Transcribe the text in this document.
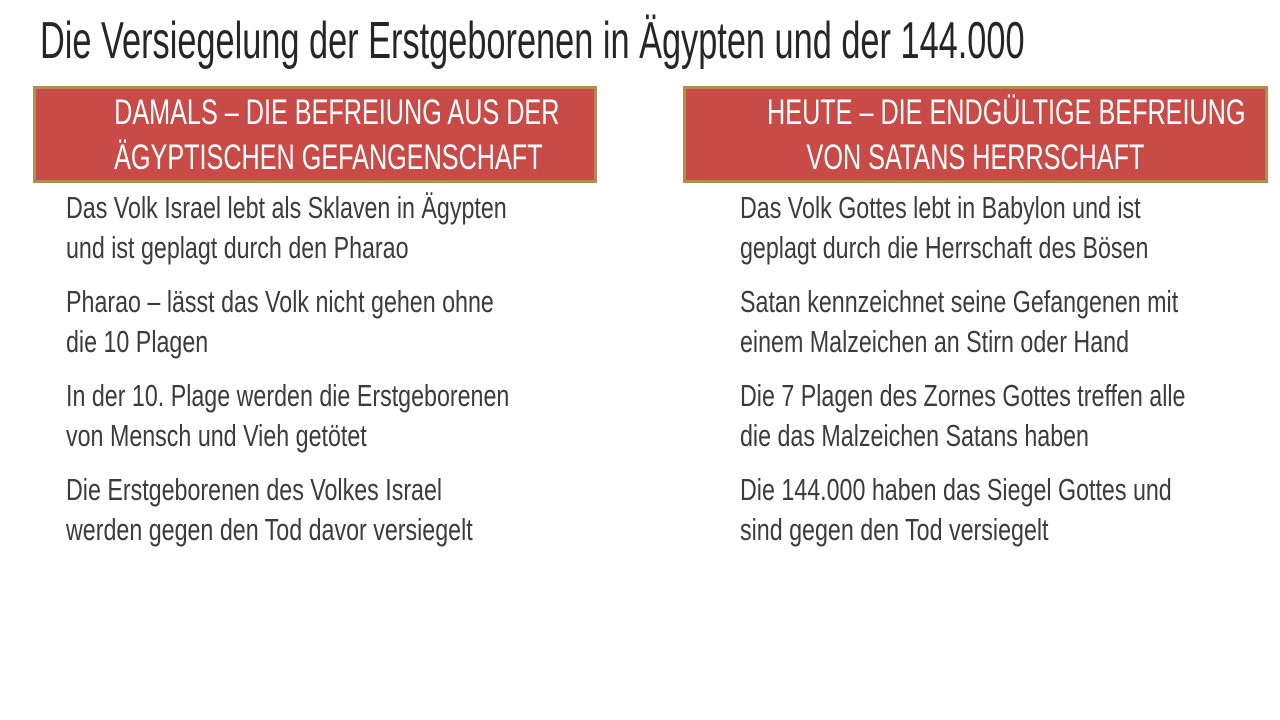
Die Versiegelung der Erstgeborenen in Ägypten und der 144.000
DAMALS – DIE BEFREIUNG AUS DER
ÄGYPTISCHEN GEFANGENSCHAFT
Das Volk Israel lebt als Sklaven in Ägypten
und ist geplagt durch den Pharao
Pharao – lässt das Volk nicht gehen ohne
die 10 Plagen
In der 10. Plage werden die Erstgeborenen
von Mensch und Vieh getötet
Die Erstgeborenen des Volkes Israel
werden gegen den Tod davor versiegelt
HEUTE – DIE ENDGÜLTIGE BEFREIUNG
VON SATANS HERRSCHAFT
Das Volk Gottes lebt in Babylon und ist
geplagt durch die Herrschaft des Bösen
Satan kennzeichnet seine Gefangenen mit
einem Malzeichen an Stirn oder Hand
Die 7 Plagen des Zornes Gottes treffen alle
die das Malzeichen Satans haben
Die 144.000 haben das Siegel Gottes und
sind gegen den Tod versiegelt
